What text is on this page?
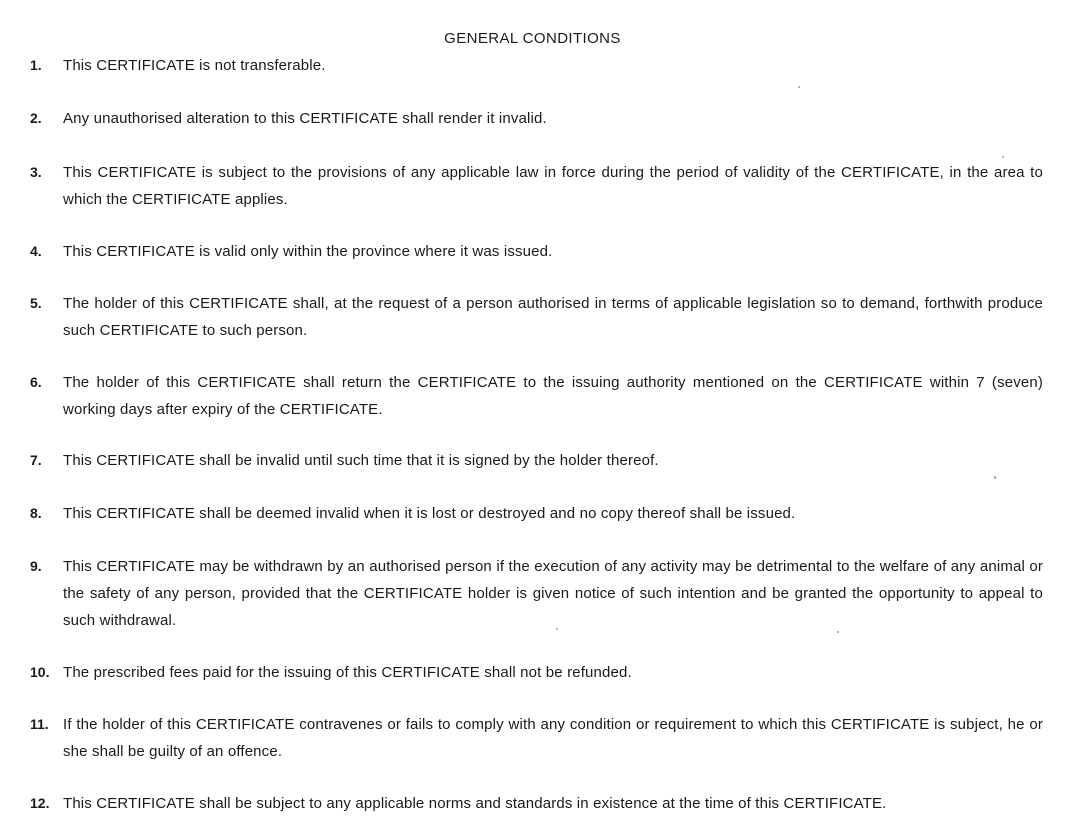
GENERAL CONDITIONS
1. This CERTIFICATE is not transferable.
2. Any unauthorised alteration to this CERTIFICATE shall render it invalid.
3. This CERTIFICATE is subject to the provisions of any applicable law in force during the period of validity of the CERTIFICATE, in the area to which the CERTIFICATE applies.
4. This CERTIFICATE is valid only within the province where it was issued.
5. The holder of this CERTIFICATE shall, at the request of a person authorised in terms of applicable legislation so to demand, forthwith produce such CERTIFICATE to such person.
6. The holder of this CERTIFICATE shall return the CERTIFICATE to the issuing authority mentioned on the CERTIFICATE within 7 (seven) working days after expiry of the CERTIFICATE.
7. This CERTIFICATE shall be invalid until such time that it is signed by the holder thereof.
8. This CERTIFICATE shall be deemed invalid when it is lost or destroyed and no copy thereof shall be issued.
9. This CERTIFICATE may be withdrawn by an authorised person if the execution of any activity may be detrimental to the welfare of any animal or the safety of any person, provided that the CERTIFICATE holder is given notice of such intention and be granted the opportunity to appeal to such withdrawal.
10. The prescribed fees paid for the issuing of this CERTIFICATE shall not be refunded.
11. If the holder of this CERTIFICATE contravenes or fails to comply with any condition or requirement to which this CERTIFICATE is subject, he or she shall be guilty of an offence.
12. This CERTIFICATE shall be subject to any applicable norms and standards in existence at the time of this CERTIFICATE.
